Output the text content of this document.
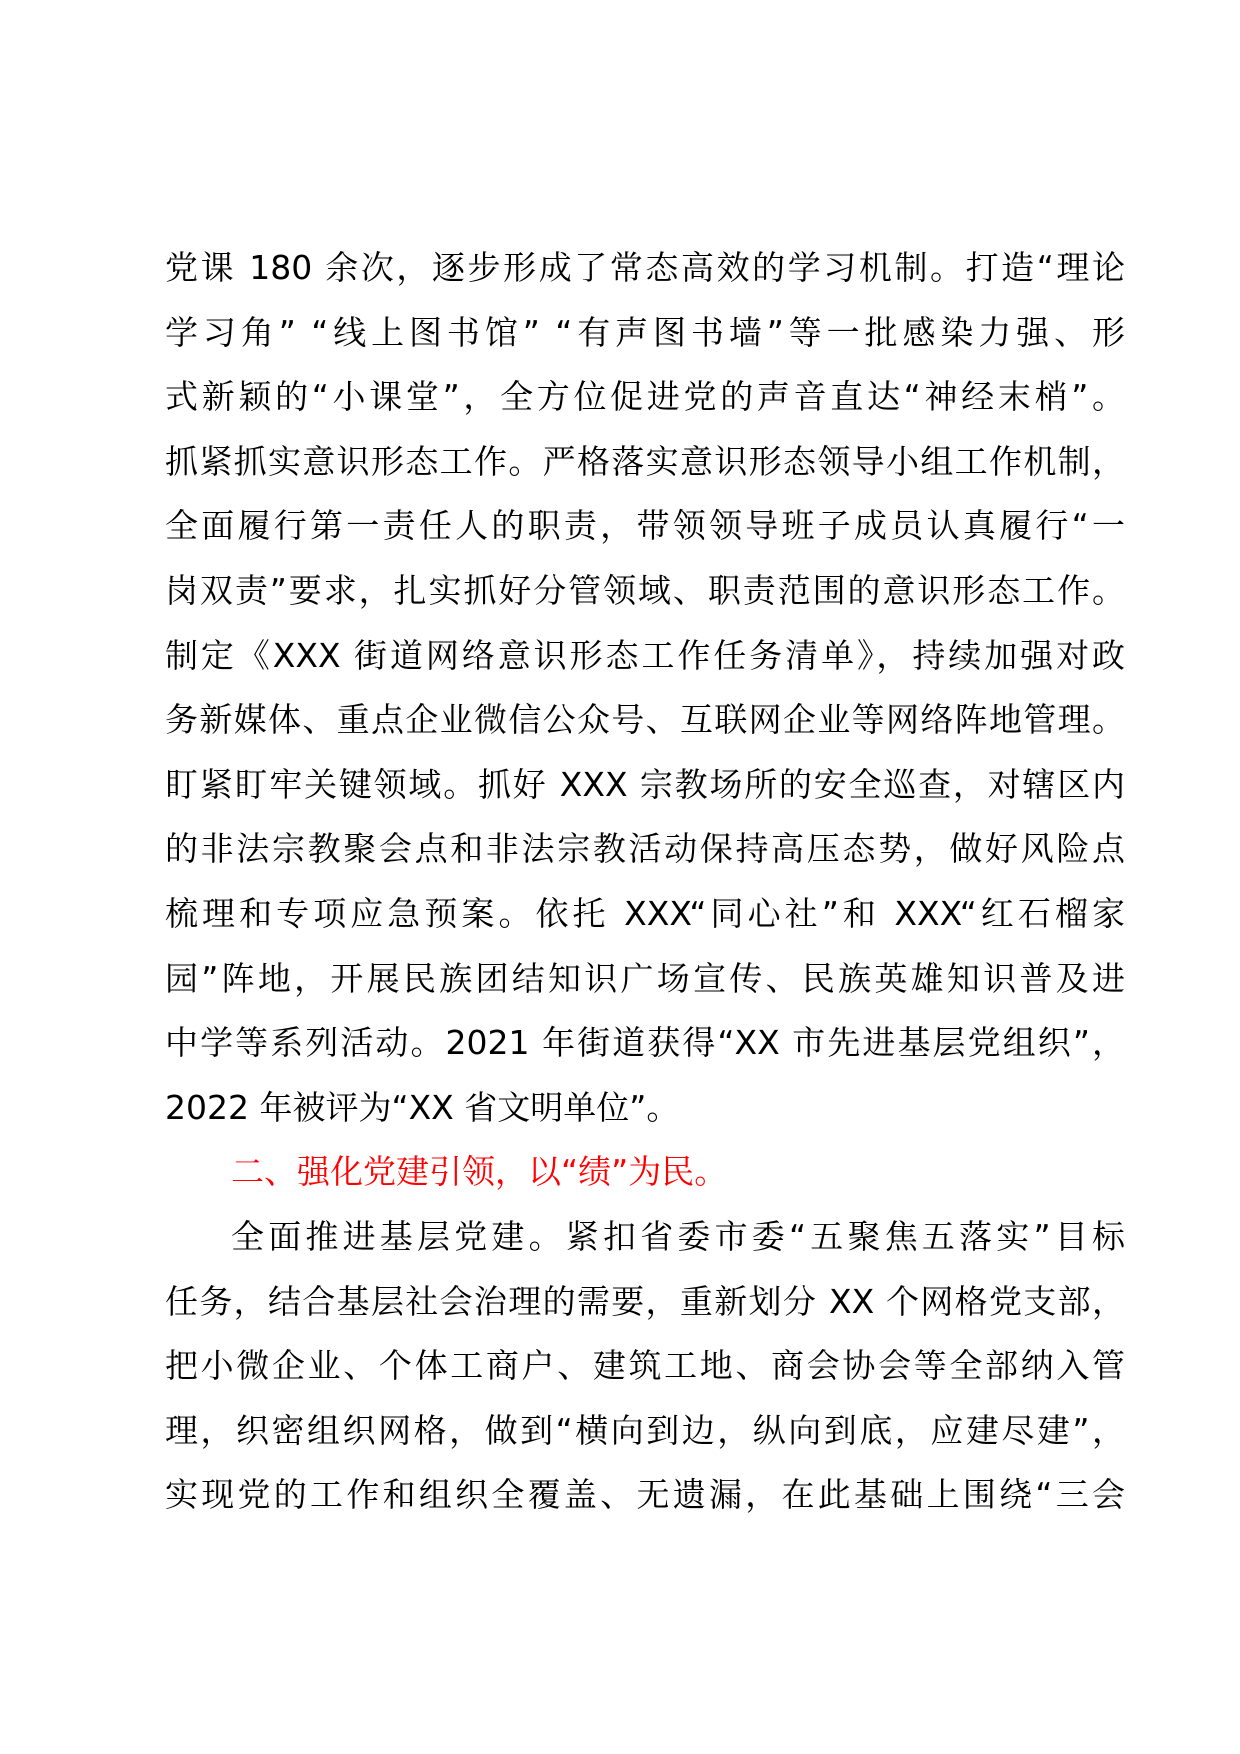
党课 180 余次，逐步形成了常态高效的学习机制。打造“理论
学习角” “线上图书馆” “有声图书墙”等一批感染力强、形
式新颖的“小课堂”，全方位促进党的声音直达“神经末梢”。
抓紧抓实意识形态工作。严格落实意识形态领导小组工作机制，
全面履行第一责任人的职责，带领领导班子成员认真履行“一
岗双责”要求，扎实抓好分管领域、职责范围的意识形态工作。
制定《XXX 街道网络意识形态工作任务清单》，持续加强对政
务新媒体、重点企业微信公众号、互联网企业等网络阵地管理。
盯紧盯牢关键领域。抓好 XXX 宗教场所的安全巡查，对辖区内
的非法宗教聚会点和非法宗教活动保持高压态势，做好风险点
梳理和专项应急预案。依托 XXX“同心社”和 XXX“红石榴家
园”阵地，开展民族团结知识广场宣传、民族英雄知识普及进
中学等系列活动。2021 年街道获得“XX 市先进基层党组织”，
2022 年被评为“XX 省文明单位”。
二、强化党建引领，以“绩”为民。
全面推进基层党建。紧扣省委市委“五聚焦五落实”目标
任务，结合基层社会治理的需要，重新划分 XX 个网格党支部，
把小微企业、个体工商户、建筑工地、商会协会等全部纳入管
理，织密组织网格，做到“横向到边，纵向到底，应建尽建”，
实现党的工作和组织全覆盖、无遗漏，在此基础上围绕“三会
